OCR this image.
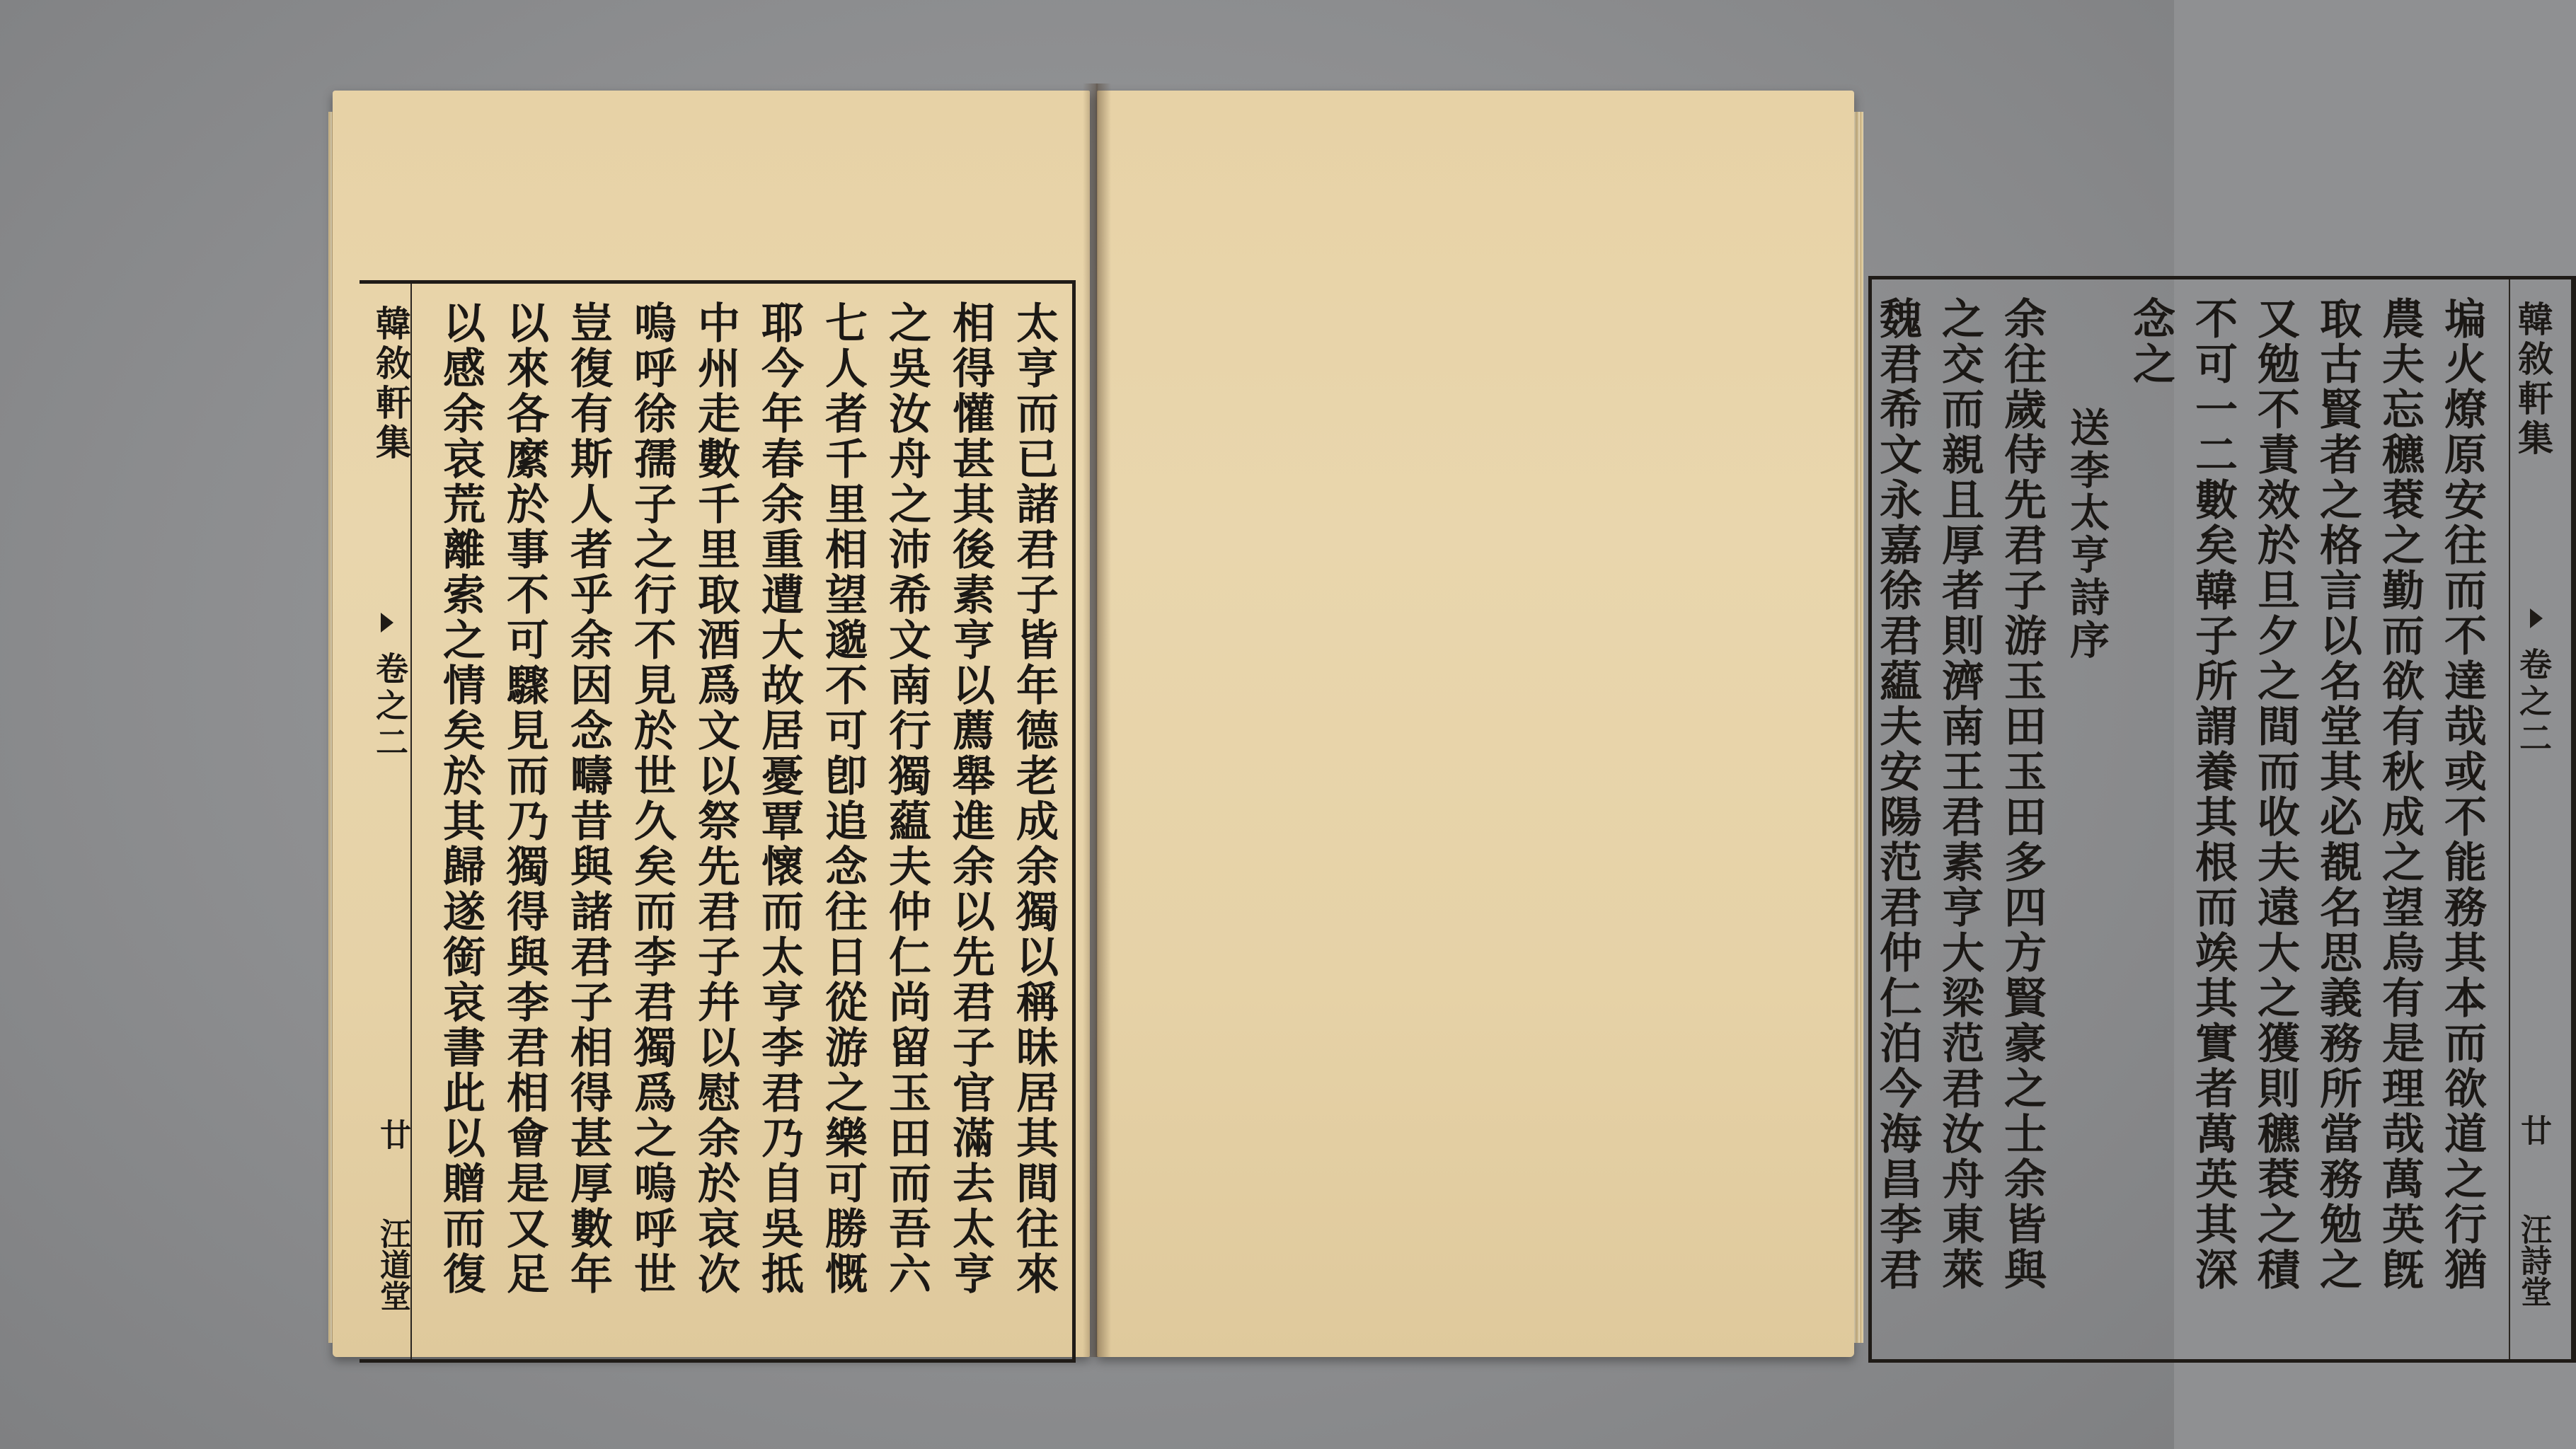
太亨而已諸君子皆年德老成余獨以稱昧居其間往來
相得懽甚其後素亨以薦舉進余以先君子官滿去太亨
之吳汝舟之沛希文南行獨藴夫仲仁尚留玉田而吾六
七人者千里相望邈不可卽追念往日從游之樂可勝慨
耶今年春余重遭大故居憂覃懷而太亨李君乃自吳抵
中州走數千里取酒爲文以祭先君子幷以慰余於哀次
嗚呼徐孺子之行不見於世久矣而李君獨爲之嗚呼世
豈復有斯人者乎余因念疇昔與諸君子相得甚厚數年
以來各縻於事不可驟見而乃獨得與李君相會是又足
以感余哀荒離索之情矣於其歸遂銜哀書此以贈而復
韓敘軒集
卷之二
廿
汪道堂	𡎚火燎原安往而不達哉或不能務其本而欲道之行猶
農夫忘穮蔉之勤而欲有秋成之望烏有是理哉萬英旣
取古賢者之格言以名堂其必覩名思義務所當務勉之
又勉不責效於旦夕之間而收夫遠大之獲則穮蔉之積
不可一二數矣韓子所謂養其根而竢其實者萬英其深
念之
送李太亨詩序
余往歲侍先君子游玉田玉田多四方賢豪之士余皆與
之交而親且厚者則濟南王君素亨大梁范君汝舟東萊
魏君希文永嘉徐君藴夫安陽范君仲仁泊今海昌李君	韓敘軒集
卷之二
廿
汪詩堂
